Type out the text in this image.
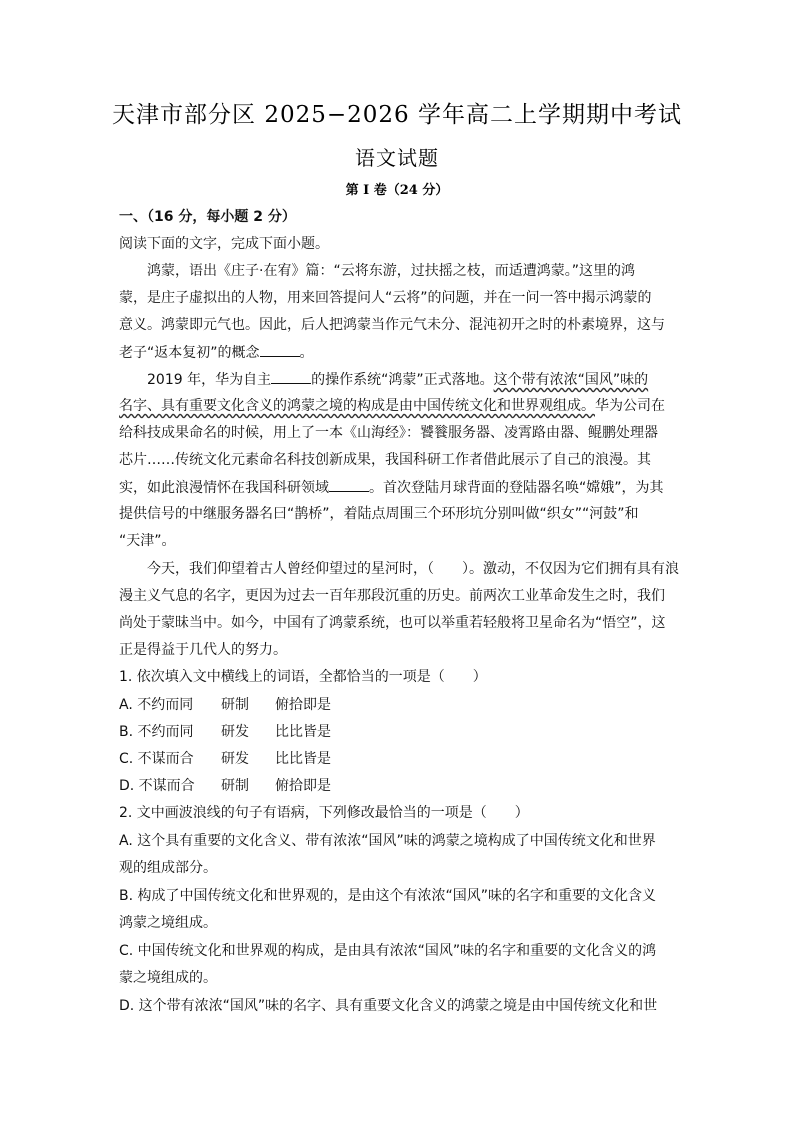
天津市部分区 2025−2026 学年高二上学期期中考试
语文试题
第 I 卷（24 分）
一、（16 分，每小题 2 分）
阅读下面的文字，完成下面小题。
　　鸿蒙，语出《庄子·在宥》篇：“云将东游，过扶摇之枝，而适遭鸿蒙。”这里的鸿
蒙，是庄子虚拟出的人物，用来回答提问人“云将”的问题，并在一问一答中揭示鸿蒙的
意义。鸿蒙即元气也。因此，后人把鸿蒙当作元气未分、混沌初开之时的朴素境界，这与
老子“返本复初”的概念	。
　　2019 年，华为自主	的操作系统“鸿蒙”正式落地。这个带有浓浓“国风”味的
名字、具有重要文化含义的鸿蒙之境的构成是由中国传统文化和世界观组成。华为公司在
给科技成果命名的时候，用上了一本《山海经》：饕餮服务器、凌霄路由器、鲲鹏处理器
芯片……传统文化元素命名科技创新成果，我国科研工作者借此展示了自己的浪漫。其
实，如此浪漫情怀在我国科研领域	。首次登陆月球背面的登陆器名唤“嫦娥”，为其
提供信号的中继服务器名曰“鹊桥”，着陆点周围三个环形坑分别叫做“织女”“河鼓”和
“天津”。
　　今天，我们仰望着古人曾经仰望过的星河时，（　　）。激动，不仅因为它们拥有具有浪
漫主义气息的名字，更因为过去一百年那段沉重的历史。前两次工业革命发生之时，我们
尚处于蒙昧当中。如今，中国有了鸿蒙系统，也可以举重若轻般将卫星命名为“悟空”，这
正是得益于几代人的努力。
1. 依次填入文中横线上的词语，全都恰当的一项是（　　）
A. 不约而同 研制 俯拾即是
B. 不约而同 研发 比比皆是
C. 不谋而合 研发 比比皆是
D. 不谋而合 研制 俯拾即是
2. 文中画波浪线的句子有语病，下列修改最恰当的一项是（　　）
A. 这个具有重要的文化含义、带有浓浓“国风”味的鸿蒙之境构成了中国传统文化和世界
观的组成部分。
B. 构成了中国传统文化和世界观的，是由这个有浓浓“国风”味的名字和重要的文化含义
鸿蒙之境组成。
C. 中国传统文化和世界观的构成，是由具有浓浓“国风”味的名字和重要的文化含义的鸿
蒙之境组成的。
D. 这个带有浓浓“国风”味的名字、具有重要文化含义的鸿蒙之境是由中国传统文化和世
